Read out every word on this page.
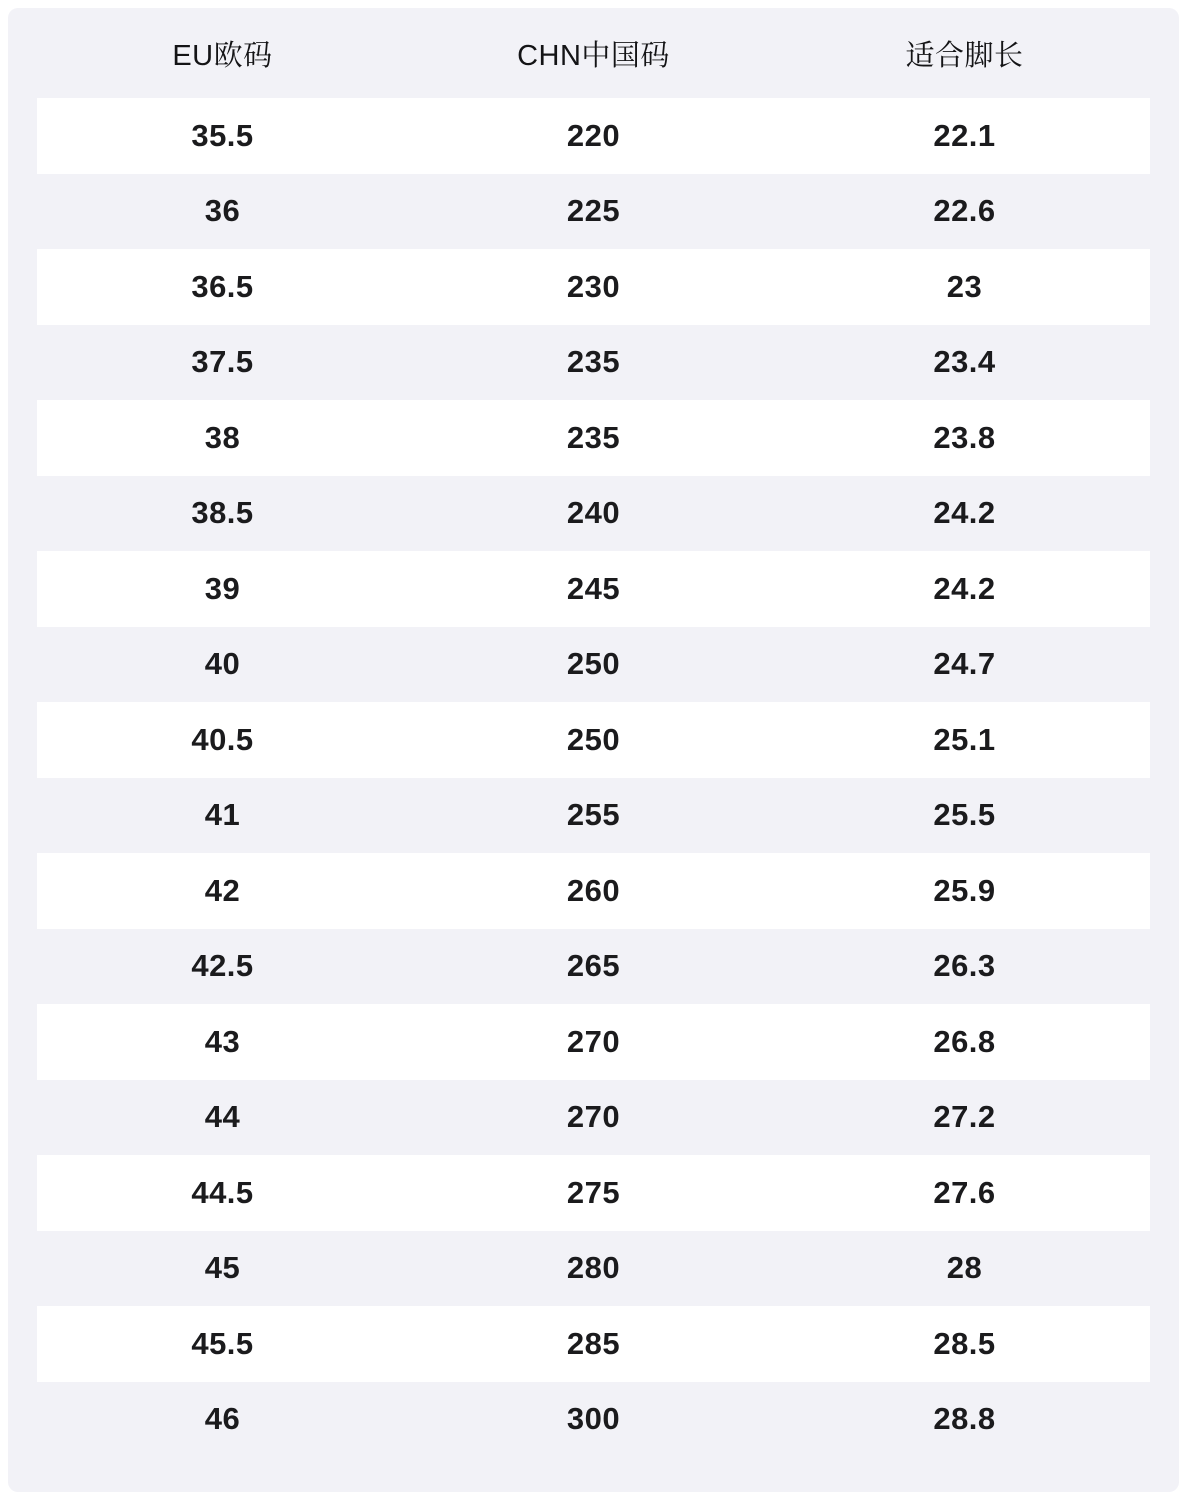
EU欧码	CHN中国码	适合脚长
35.5	220	22.1
36	225	22.6
36.5	230	23
37.5	235	23.4
38	235	23.8
38.5	240	24.2
39	245	24.2
40	250	24.7
40.5	250	25.1
41	255	25.5
42	260	25.9
42.5	265	26.3
43	270	26.8
44	270	27.2
44.5	275	27.6
45	280	28
45.5	285	28.5
46	300	28.8
